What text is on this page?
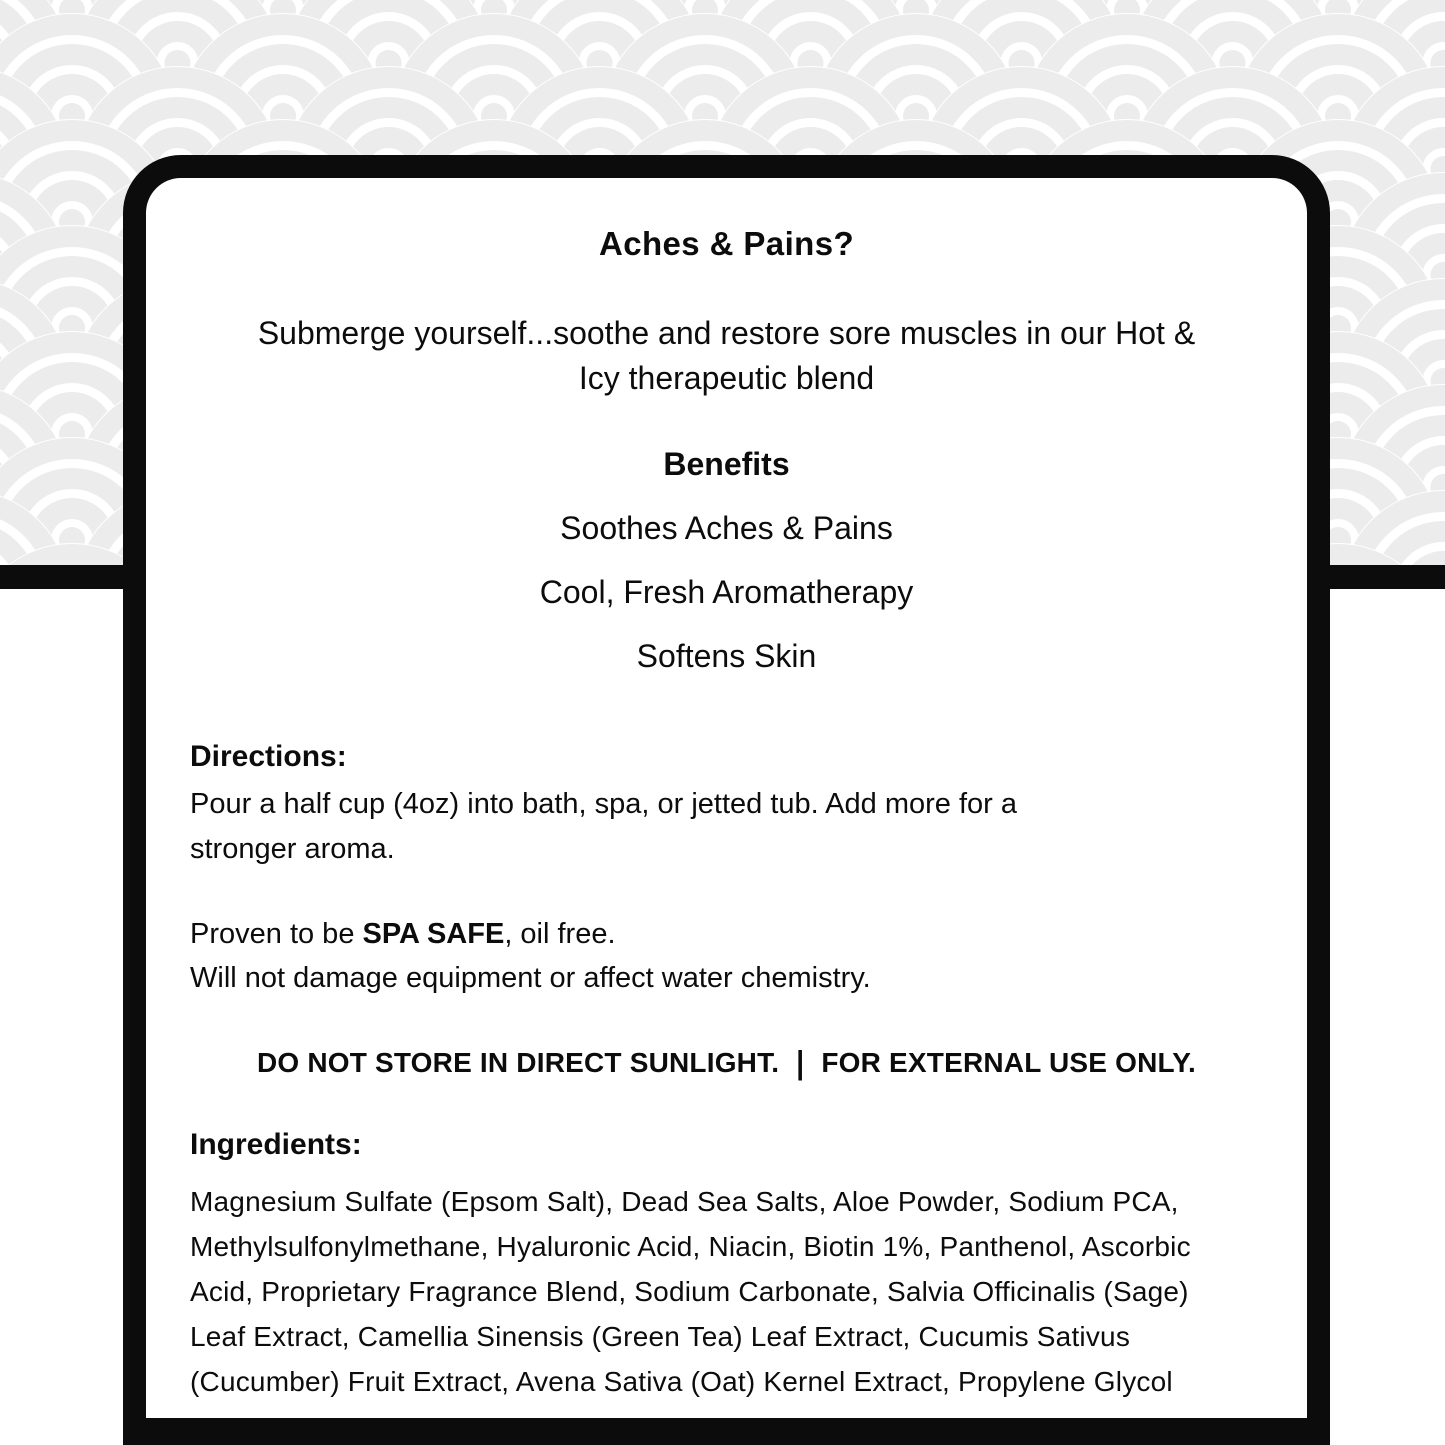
Aches & Pains?
Submerge yourself...soothe and restore sore muscles in our Hot &
Icy therapeutic blend
Benefits
Soothes Aches & Pains
Cool, Fresh Aromatherapy
Softens Skin
Directions:
Pour a half cup (4oz) into bath, spa, or jetted tub. Add more for a
stronger aroma.
Proven to be SPA SAFE, oil free.
Will not damage equipment or affect water chemistry.
DO NOT STORE IN DIRECT SUNLIGHT. | FOR EXTERNAL USE ONLY.
Ingredients:
Magnesium Sulfate (Epsom Salt), Dead Sea Salts, Aloe Powder, Sodium PCA,
Methylsulfonylmethane, Hyaluronic Acid, Niacin, Biotin 1%, Panthenol, Ascorbic
Acid, Proprietary Fragrance Blend, Sodium Carbonate, Salvia Officinalis (Sage)
Leaf Extract, Camellia Sinensis (Green Tea) Leaf Extract, Cucumis Sativus
(Cucumber) Fruit Extract, Avena Sativa (Oat) Kernel Extract, Propylene Glycol
